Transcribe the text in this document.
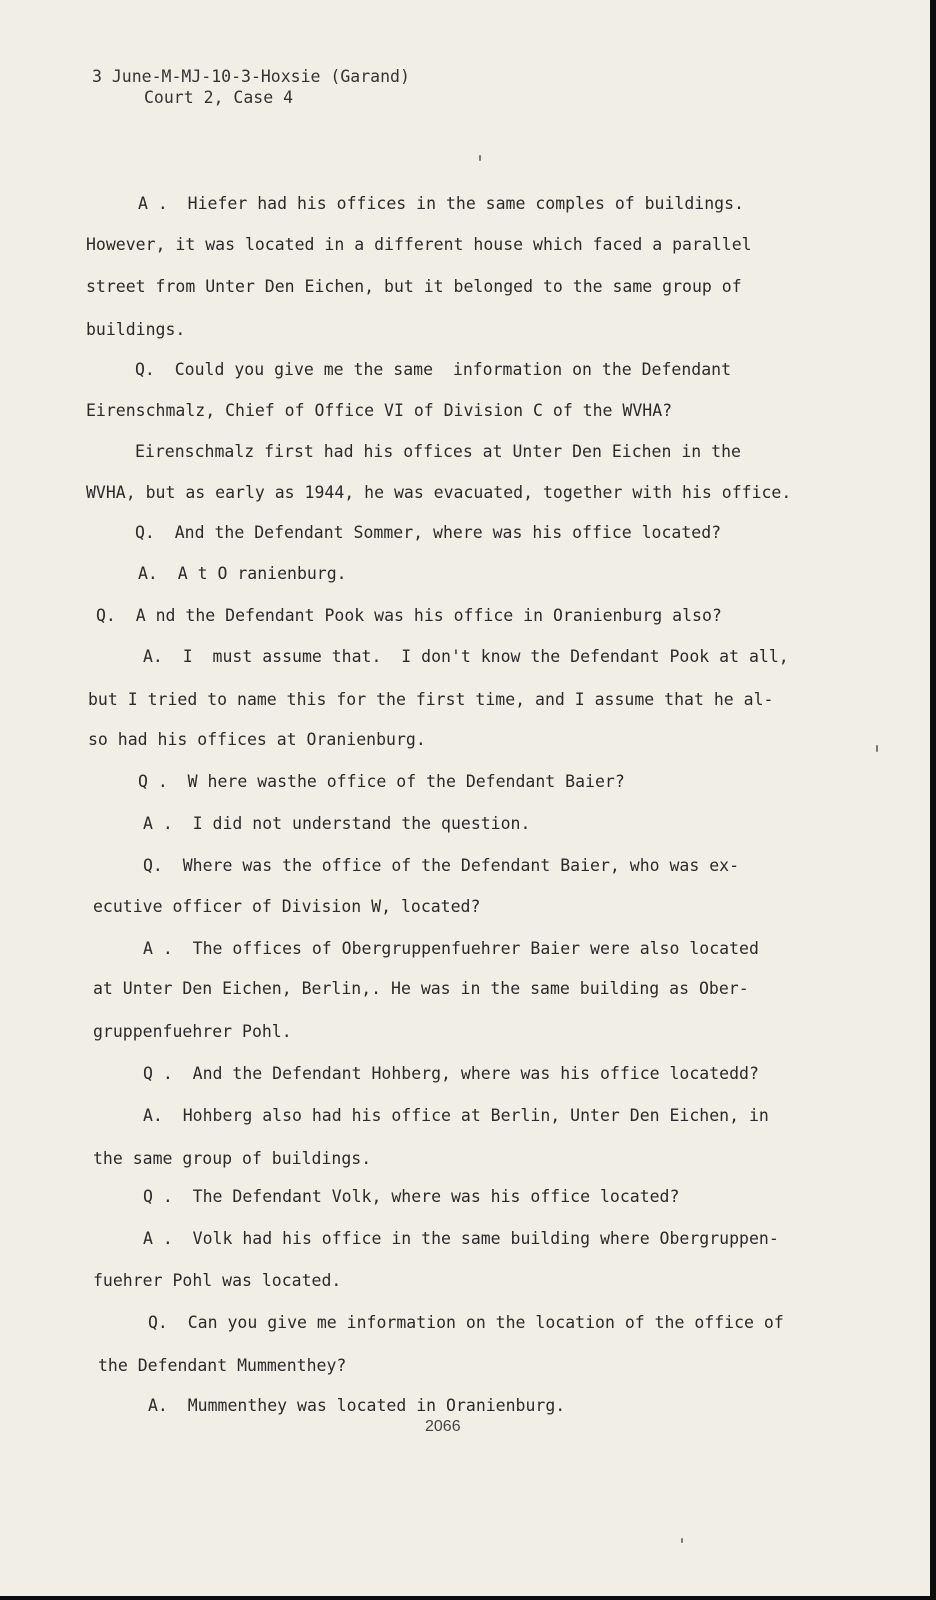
3 June-M-MJ-10-3-Hoxsie (Garand)
Court 2, Case 4
A .  Hiefer had his offices in the same comples of buildings.
However, it was located in a different house which faced a parallel
street from Unter Den Eichen, but it belonged to the same group of
buildings.
Q.  Could you give me the same  information on the Defendant
Eirenschmalz, Chief of Office VI of Division C of the WVHA?
Eirenschmalz first had his offices at Unter Den Eichen in the
WVHA, but as early as 1944, he was evacuated, together with his office.
Q.  And the Defendant Sommer, where was his office located?
A.  A t O ranienburg.
Q.  A nd the Defendant Pook was his office in Oranienburg also?
A.  I  must assume that.  I don't know the Defendant Pook at all,
but I tried to name this for the first time, and I assume that he al-
so had his offices at Oranienburg.
Q .  W here wasthe office of the Defendant Baier?
A .  I did not understand the question.
Q.  Where was the office of the Defendant Baier, who was ex-
ecutive officer of Division W, located?
A .  The offices of Obergruppenfuehrer Baier were also located
at Unter Den Eichen, Berlin,. He was in the same building as Ober-
gruppenfuehrer Pohl.
Q .  And the Defendant Hohberg, where was his office locatedd?
A.  Hohberg also had his office at Berlin, Unter Den Eichen, in
the same group of buildings.
Q .  The Defendant Volk, where was his office located?
A .  Volk had his office in the same building where Obergruppen-
fuehrer Pohl was located.
Q.  Can you give me information on the location of the office of
the Defendant Mummenthey?
A.  Mummenthey was located in Oranienburg.
2066
